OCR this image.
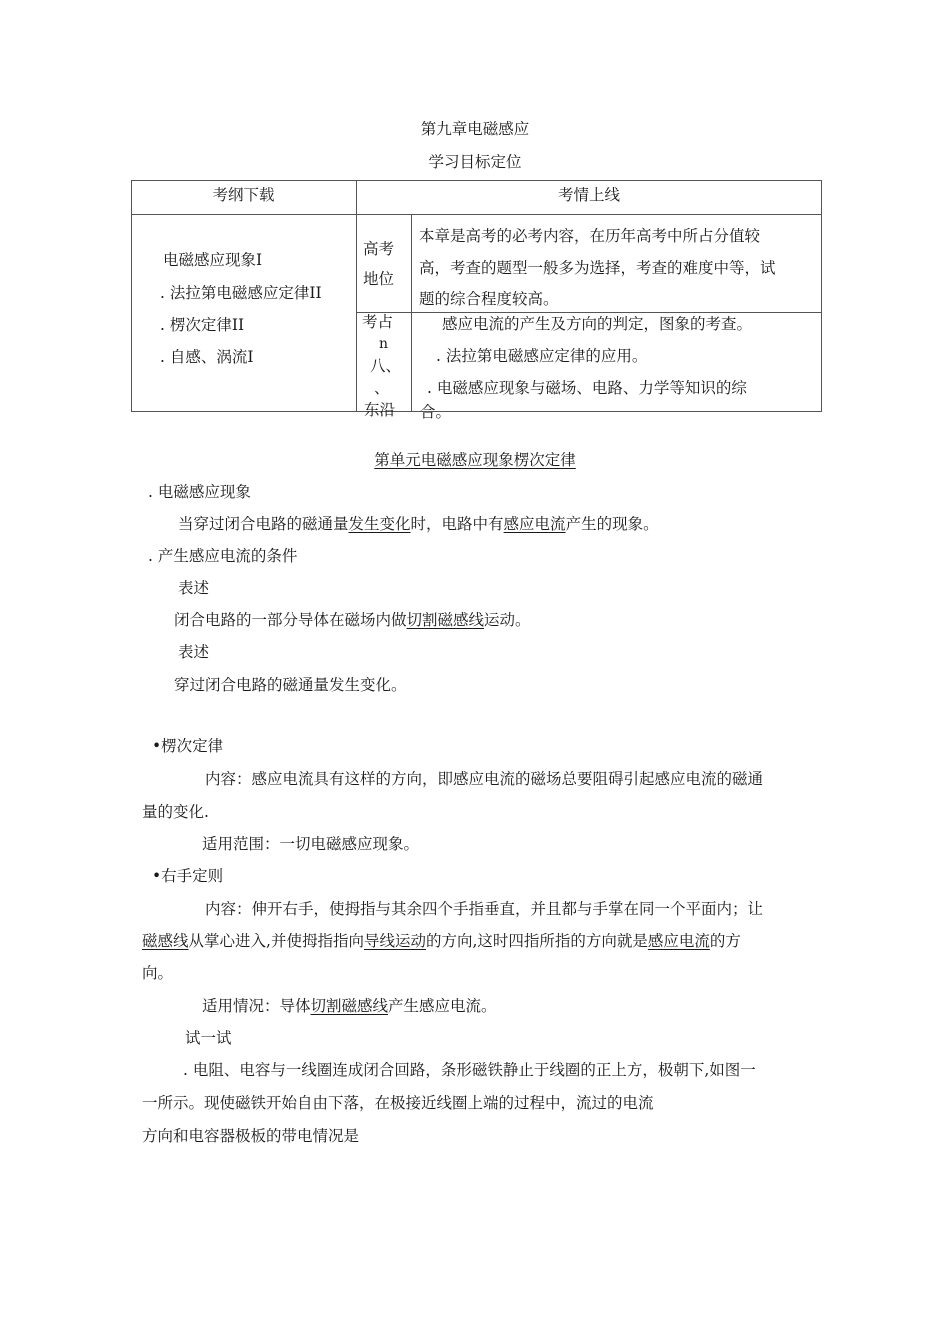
第九章电磁感应
学习目标定位
考纲下载	考情上线
电磁感应现象Ⅰ
. 法拉第电磁感应定律ⅠⅠ
. 楞次定律ⅠⅠ
. 自感、涡流Ⅰ
高考
地位
本章是高考的必考内容，在历年高考中所占分值较
高，考查的题型一般多为选择，考查的难度中等，试
题的综合程度较高。
考占
n
八、
、
东沿
感应电流的产生及方向的判定，图象的考查。
. 法拉第电磁感应定律的应用。
. 电磁感应现象与磁场、电路、力学等知识的综
合。
第单元电磁感应现象楞次定律
. 电磁感应现象
当穿过闭合电路的磁通量发生变化时，电路中有感应电流产生的现象。
. 产生感应电流的条件
表述
闭合电路的一部分导体在磁场内做切割磁感线运动。
表述
穿过闭合电路的磁通量发生变化。
•楞次定律
内容：感应电流具有这样的方向，即感应电流的磁场总要阻碍引起感应电流的磁通
量的变化.
适用范围：一切电磁感应现象。
•右手定则
内容：伸开右手，使拇指与其余四个手指垂直，并且都与手掌在同一个平面内；让
磁感线从掌心进入,并使拇指指向导线运动的方向,这时四指所指的方向就是感应电流的方
向。
适用情况：导体切割磁感线产生感应电流。
试一试
. 电阻、电容与一线圈连成闭合回路，条形磁铁静止于线圈的正上方，极朝下,如图一
一所示。现使磁铁开始自由下落，在极接近线圈上端的过程中，流过的电流
方向和电容器极板的带电情况是
